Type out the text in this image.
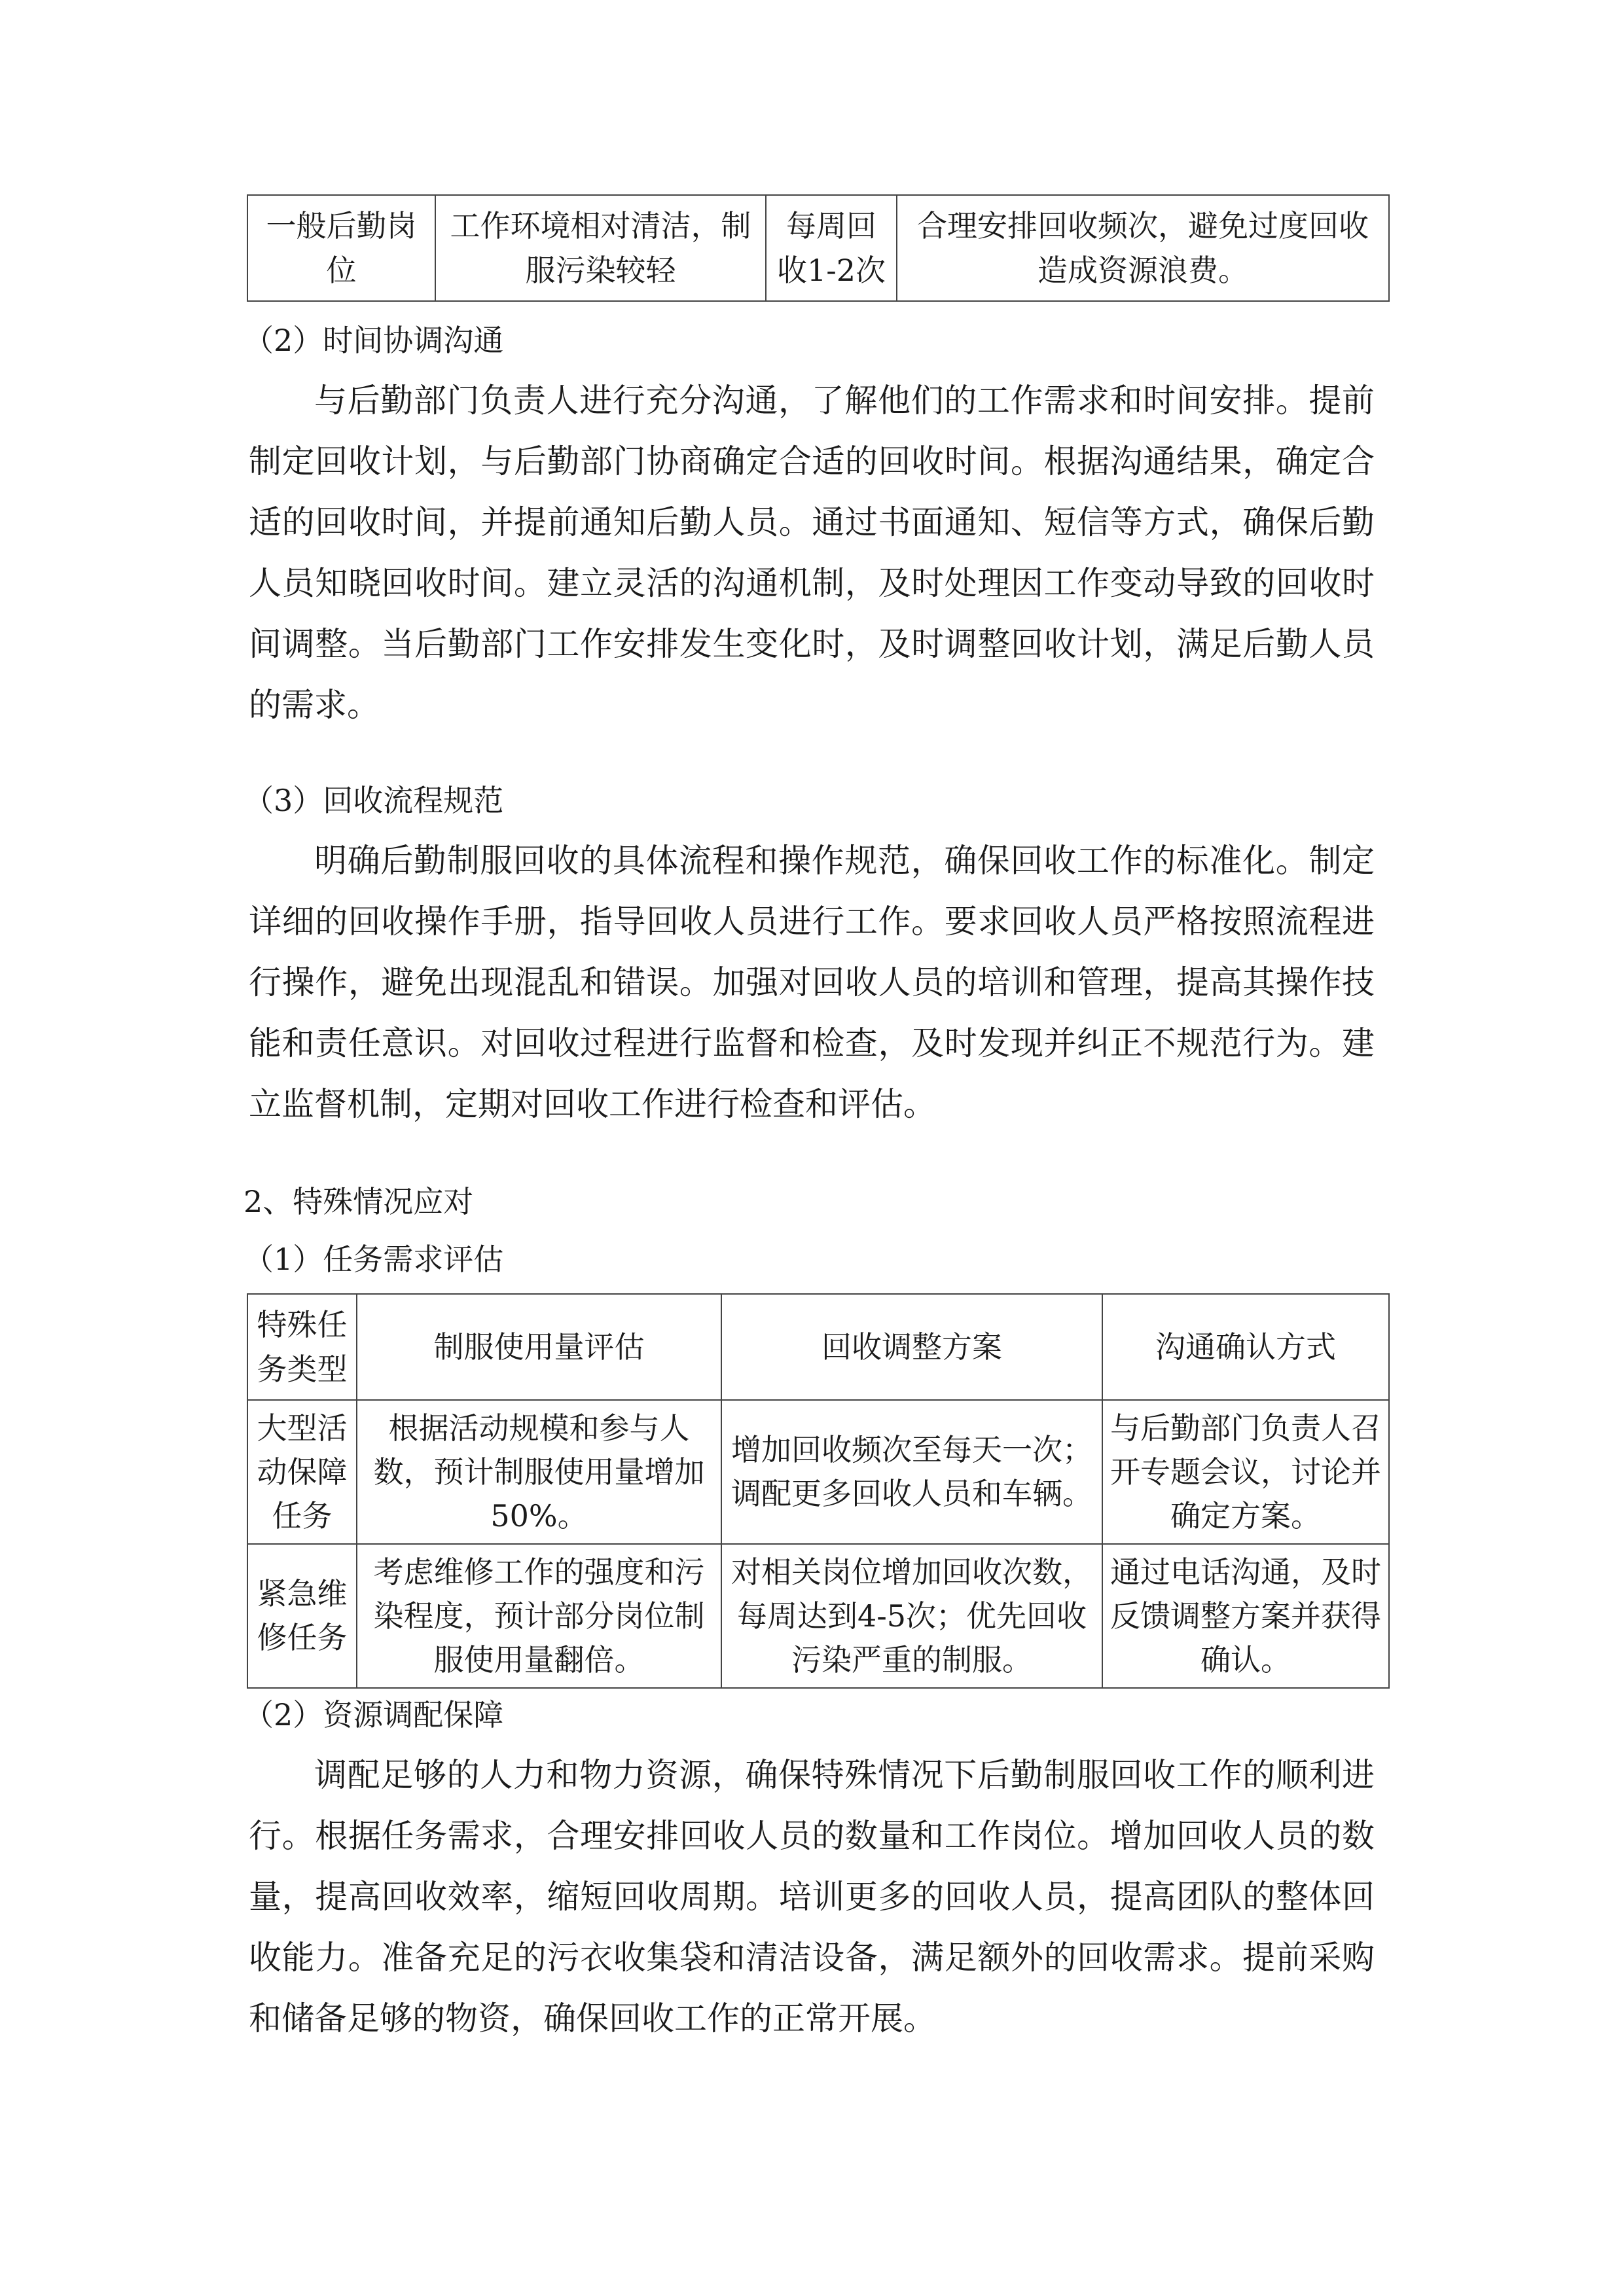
一般后勤岗位	工作环境相对清洁，制服污染较轻	每周回收1-2次	合理安排回收频次，避免过度回收造成资源浪费。
（2）时间协调沟通

与后勤部门负责人进行充分沟通，了解他们的工作需求和时间安排。提前制定回收计划，与后勤部门协商确定合适的回收时间。根据沟通结果，确定合适的回收时间，并提前通知后勤人员。通过书面通知、短信等方式，确保后勤人员知晓回收时间。建立灵活的沟通机制，及时处理因工作变动导致的回收时间调整。当后勤部门工作安排发生变化时，及时调整回收计划，满足后勤人员的需求。

（3）回收流程规范

明确后勤制服回收的具体流程和操作规范，确保回收工作的标准化。制定详细的回收操作手册，指导回收人员进行工作。要求回收人员严格按照流程进行操作，避免出现混乱和错误。加强对回收人员的培训和管理，提高其操作技能和责任意识。对回收过程进行监督和检查，及时发现并纠正不规范行为。建立监督机制，定期对回收工作进行检查和评估。

2、特殊情况应对
（1）任务需求评估
特殊任务类型	制服使用量评估	回收调整方案	沟通确认方式
大型活动保障任务	根据活动规模和参与人数，预计制服使用量增加50%。	增加回收频次至每天一次；调配更多回收人员和车辆。	与后勤部门负责人召开专题会议，讨论并确定方案。
紧急维修任务	考虑维修工作的强度和污染程度，预计部分岗位制服使用量翻倍。	对相关岗位增加回收次数，每周达到4-5次；优先回收污染严重的制服。	通过电话沟通，及时反馈调整方案并获得确认。
（2）资源调配保障

调配足够的人力和物力资源，确保特殊情况下后勤制服回收工作的顺利进行。根据任务需求，合理安排回收人员的数量和工作岗位。增加回收人员的数量，提高回收效率，缩短回收周期。培训更多的回收人员，提高团队的整体回收能力。准备充足的污衣收集袋和清洁设备，满足额外的回收需求。提前采购和储备足够的物资，确保回收工作的正常开展。
